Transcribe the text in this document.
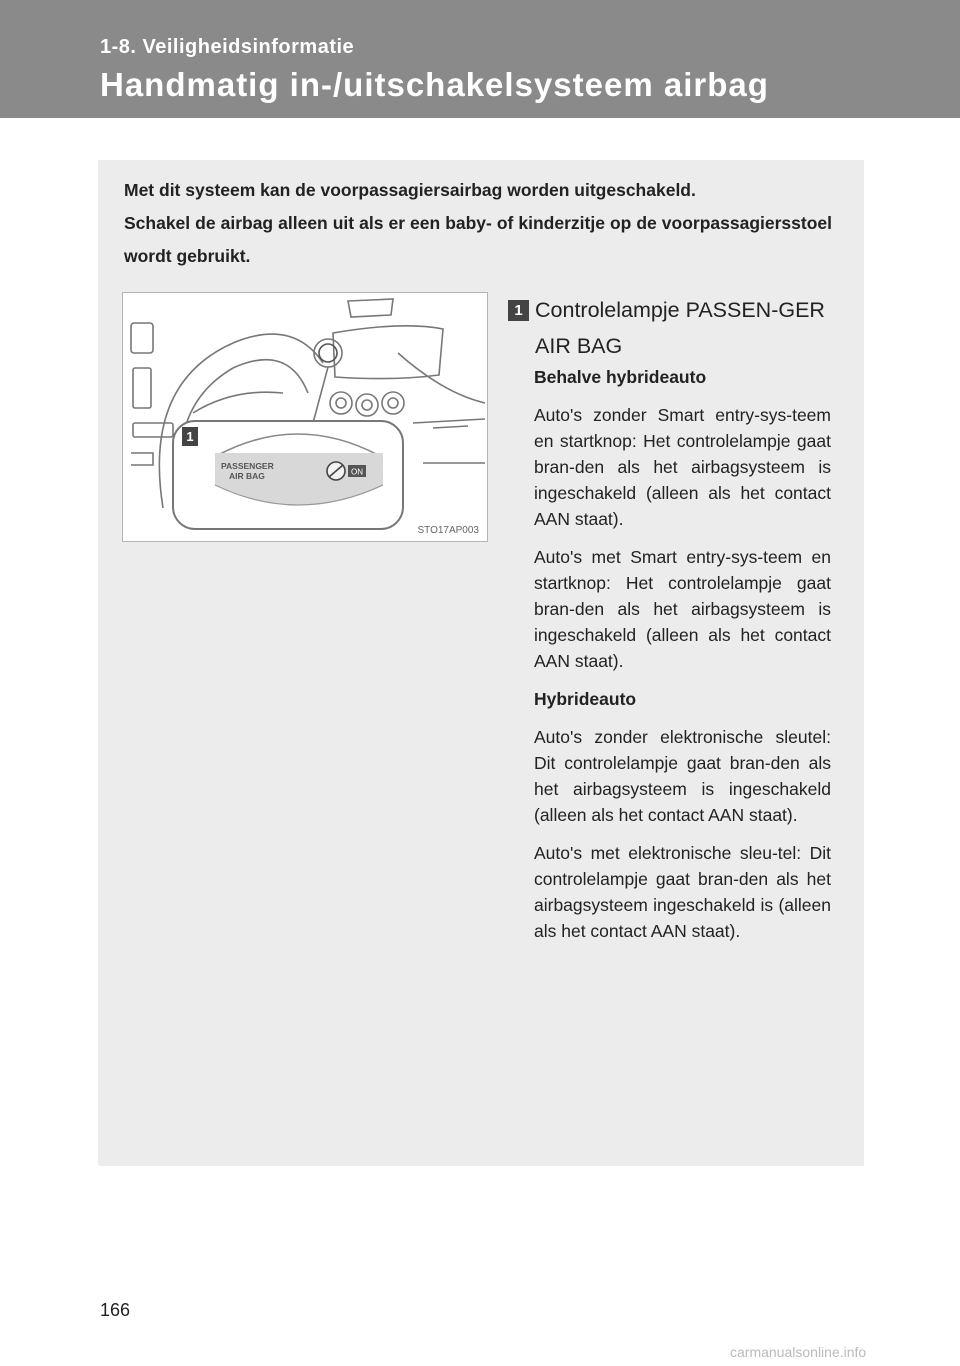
1-8. Veiligheidsinformatie
Handmatig in-/uitschakelsysteem airbag

Met dit systeem kan de voorpassagiersairbag worden uitgeschakeld.

Schakel de airbag alleen uit als er een baby- of kinderzitje op de voorpassagiersstoel wordt gebruikt.

ON
PASSENGER
AIR BAG
STO17AP003
1
1 Controlelampje PASSEN-GER AIR BAG

Behalve hybrideauto

Auto's zonder Smart entry-sys-teem en startknop: Het controlelampje gaat bran-den als het airbagsysteem is ingeschakeld (alleen als het contact AAN staat).

Auto's met Smart entry-sys-teem en startknop: Het controlelampje gaat bran-den als het airbagsysteem is ingeschakeld (alleen als het contact AAN staat).

Hybrideauto

Auto's zonder elektronische sleutel: Dit controlelampje gaat bran-den als het airbagsysteem is ingeschakeld (alleen als het contact AAN staat).

Auto's met elektronische sleu-tel: Dit controlelampje gaat bran-den als het airbagsysteem ingeschakeld is (alleen als het contact AAN staat).

166
carmanualsonline.info
